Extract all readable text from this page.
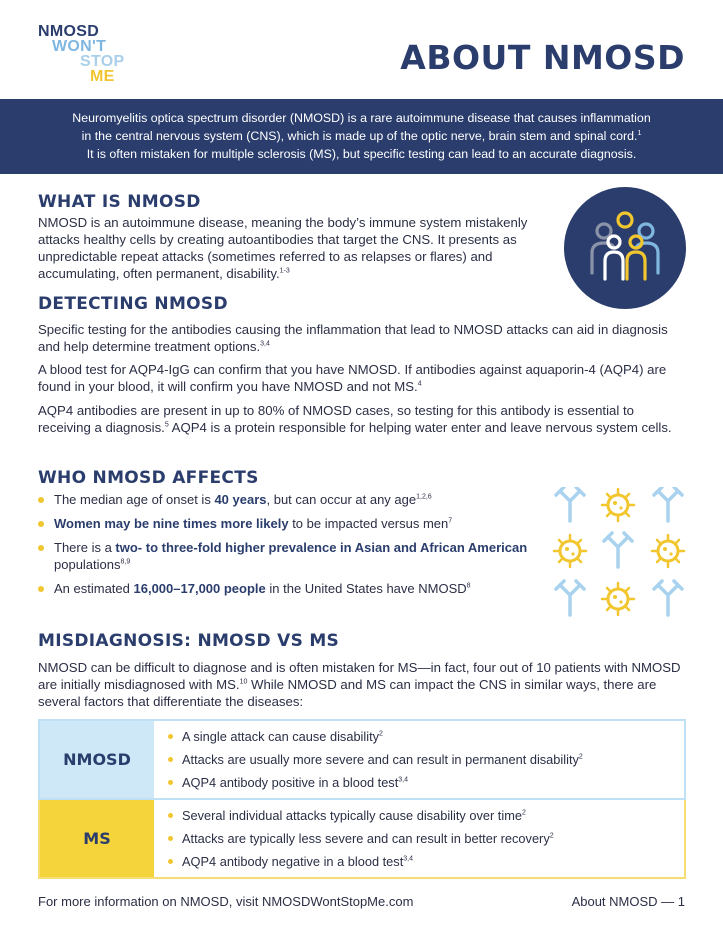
NMOSD
WON'T
STOP
ME	ABOUT NMOSD

Neuromyelitis optica spectrum disorder (NMOSD) is a rare autoimmune disease that causes inflammation

in the central nervous system (CNS), which is made up of the optic nerve, brain stem and spinal cord.$^1$

It is often mistaken for multiple sclerosis (MS), but specific testing can lead to an accurate diagnosis.

WHAT IS NMOSD

NMOSD is an autoimmune disease, meaning the body’s immune system mistakenly attacks healthy cells by creating autoantibodies that target the CNS. It presents as unpredictable repeat attacks (sometimes referred to as relapses or flares) and accumulating, often permanent, disability.$^{1-3}$

DETECTING NMOSD

Specific testing for the antibodies causing the inflammation that lead to NMOSD attacks can aid in diagnosis and help determine treatment options.$^{3,4}$

A blood test for AQP4-IgG can confirm that you have NMOSD. If antibodies against aquaporin-4 (AQP4) are found in your blood, it will confirm you have NMOSD and not MS.$^4$

AQP4 antibodies are present in up to 80% of NMOSD cases, so testing for this antibody is essential to receiving a diagnosis.$^5$ AQP4 is a protein responsible for helping water enter and leave nervous system cells.

WHO NMOSD AFFECTS
The median age of onset is 40 years, but can occur at any age$^{1,2,6}$
Women may be nine times more likely to be impacted versus men$^7$
There is a two- to three-fold higher prevalence in Asian and African American populations$^{8,9}$
An estimated 16,000–17,000 people in the United States have NMOSD$^8$
MISDIAGNOSIS: NMOSD VS MS

NMOSD can be difficult to diagnose and is often mistaken for MS—in fact, four out of 10 patients with NMOSD are initially misdiagnosed with MS.$^{10}$ While NMOSD and MS can impact the CNS in similar ways, there are several factors that differentiate the diseases:

NMOSD
A single attack can cause disability$^2$
Attacks are usually more severe and can result in permanent disability$^2$
AQP4 antibody positive in a blood test$^{3,4}$
MS
Several individual attacks typically cause disability over time$^2$
Attacks are typically less severe and can result in better recovery$^2$
AQP4 antibody negative in a blood test$^{3,4}$
For more information on NMOSD, visit NMOSDWontStopMe.com	About NMOSD — 1
